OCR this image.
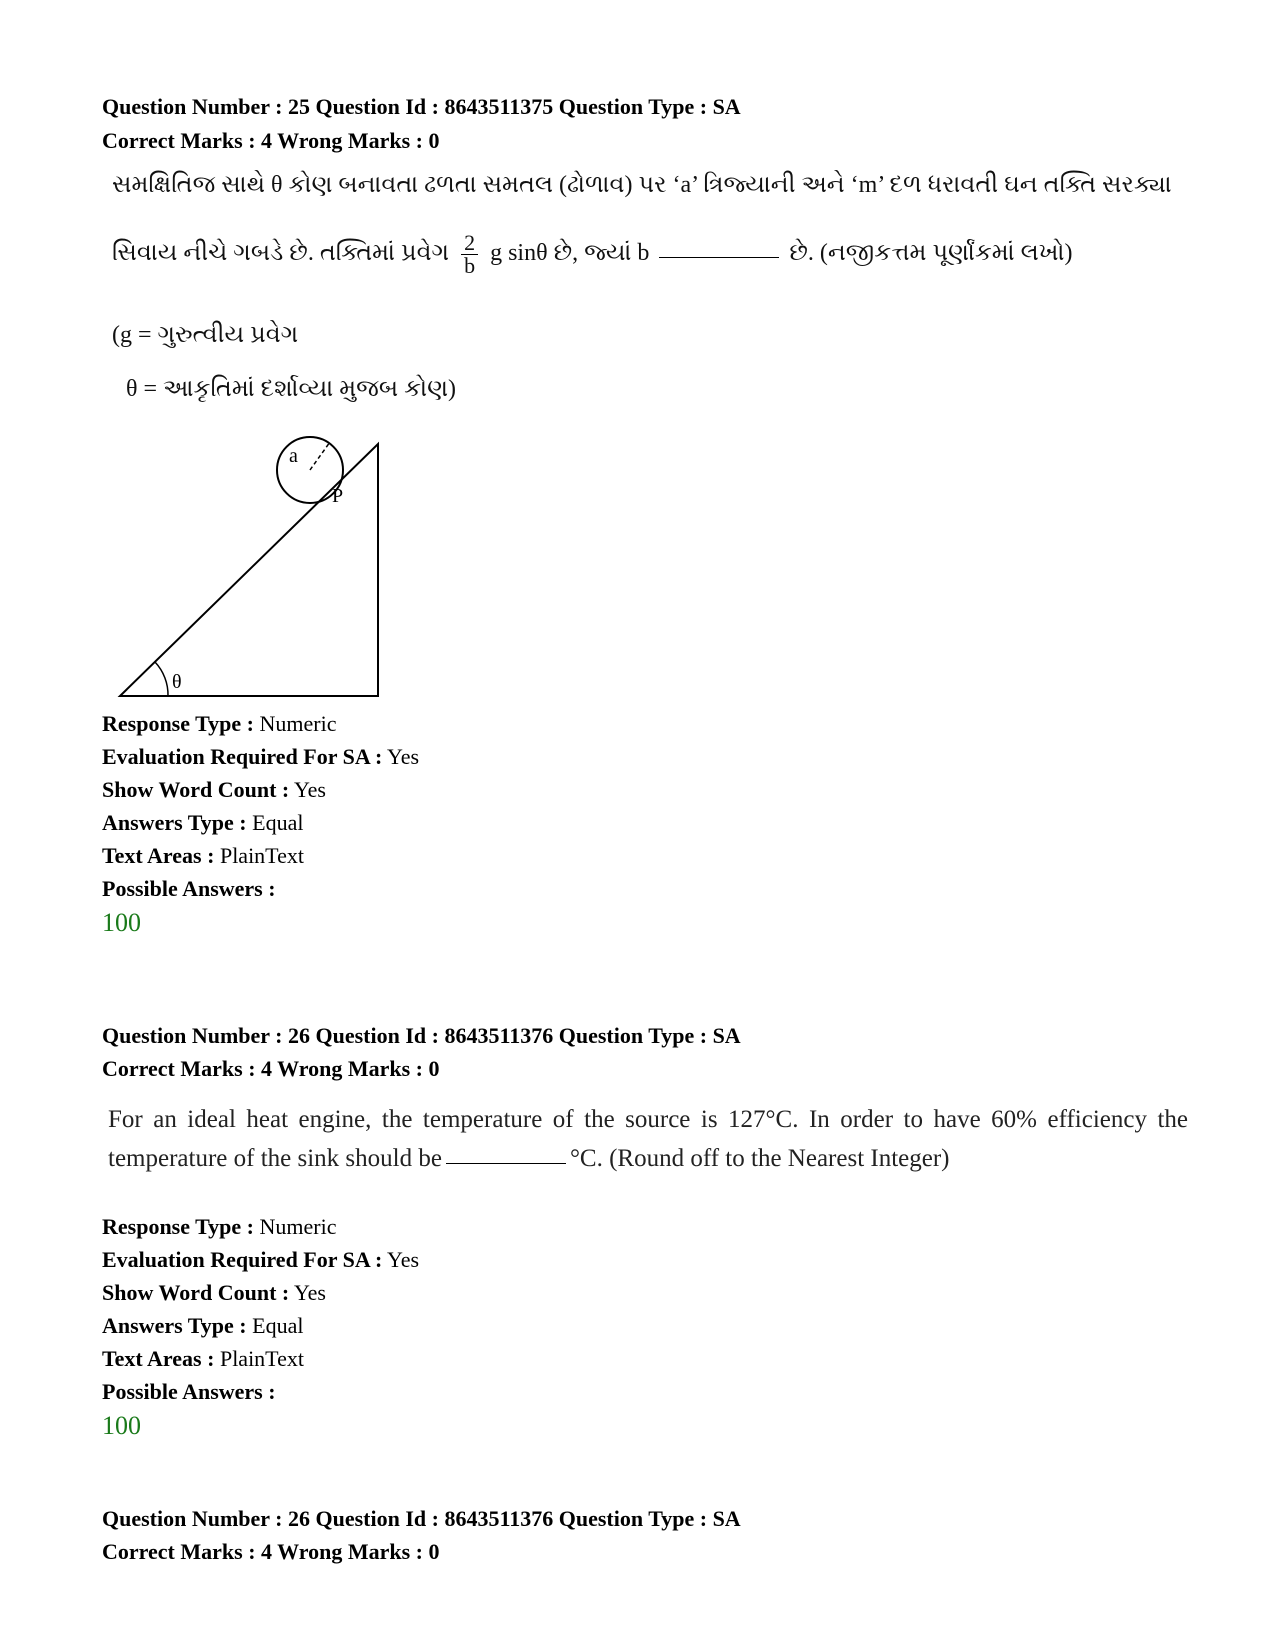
Question Number : 25 Question Id : 8643511375 Question Type : SA
Correct Marks : 4 Wrong Marks : 0
સમક્ષિતિજ સાથે θ કોણ બનાવતા ઢળતા સમતલ (ઢોળાવ) પર ‘a’ ત્રિજ્યાની અને ‘m’ દળ ધરાવતી ઘન તક્તિ સરક્યા
સિવાય નીચે ગબડે છે. તક્તિમાં પ્રવેગ $\frac{2}{b}$ g sinθ છે, જ્યાં b	છે. (નજીકત્તમ પૂર્ણાંકમાં લખો)
(g = ગુરુત્વીય પ્રવેગ
θ = આકૃતિમાં દર્શાવ્યા મુજબ કોણ)
a
P
θ
Response Type : Numeric
Evaluation Required For SA : Yes
Show Word Count : Yes
Answers Type : Equal
Text Areas : PlainText
Possible Answers :
100
Question Number : 26 Question Id : 8643511376 Question Type : SA
Correct Marks : 4 Wrong Marks : 0
For an ideal heat engine, the temperature of the source is 127°C. In order to have 60% efficiency the temperature of the sink should be	°C. (Round off to the Nearest Integer)
Response Type : Numeric
Evaluation Required For SA : Yes
Show Word Count : Yes
Answers Type : Equal
Text Areas : PlainText
Possible Answers :
100
Question Number : 26 Question Id : 8643511376 Question Type : SA
Correct Marks : 4 Wrong Marks : 0
